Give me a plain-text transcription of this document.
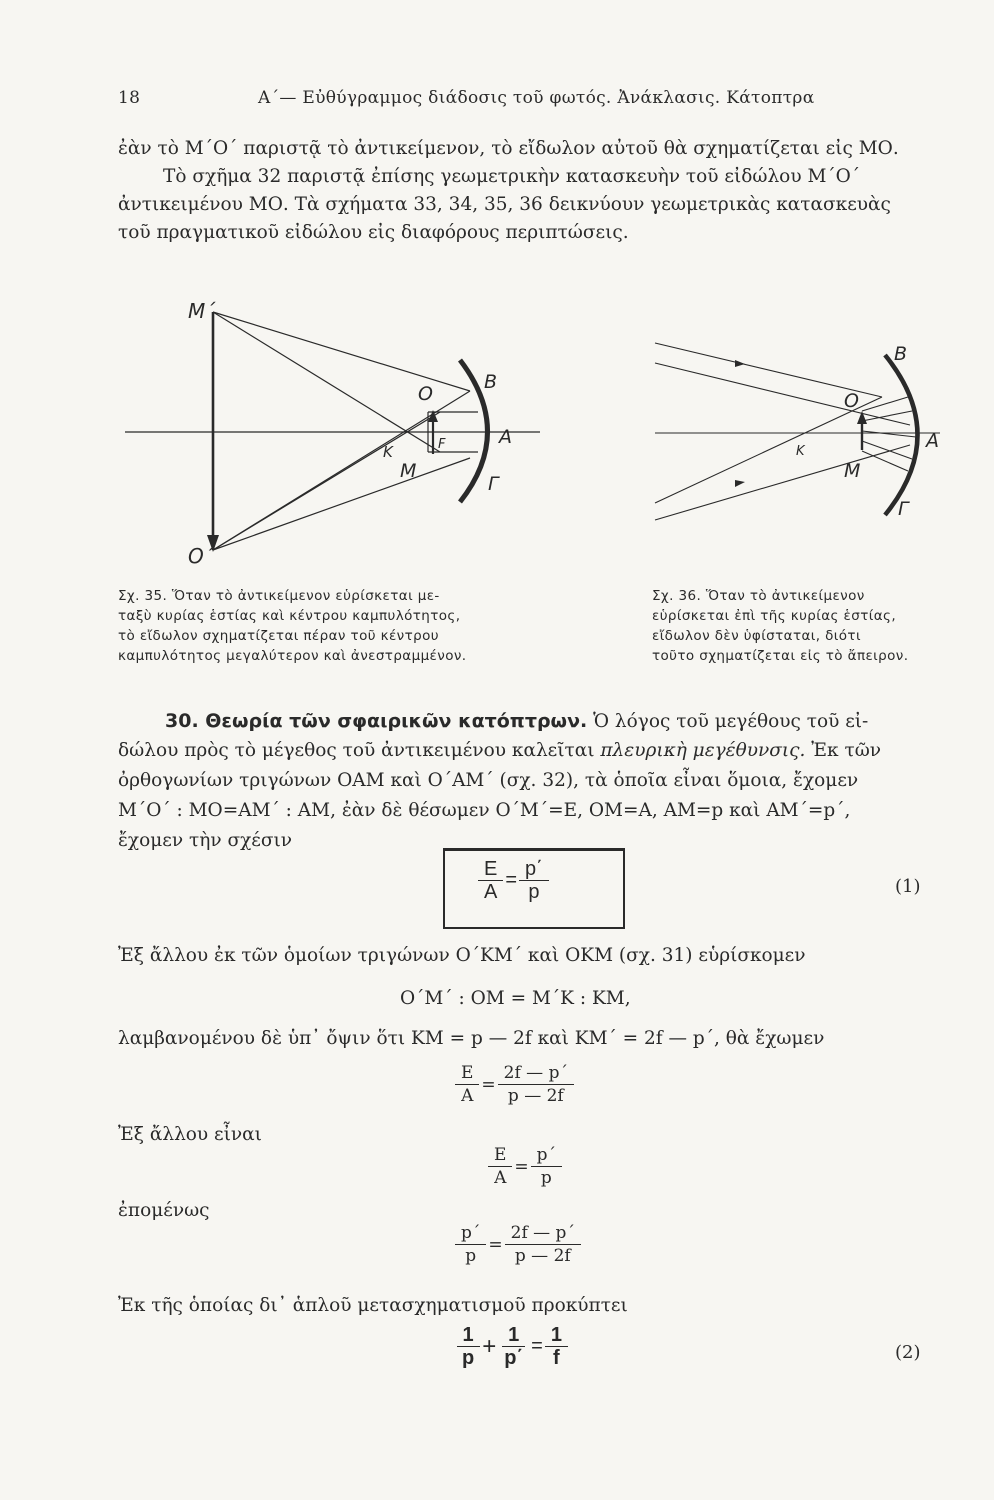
18	Α΄— Εὐθύγραμμος διάδοσις τοῦ φωτός. Ἀνάκλασις. Κάτοπτρα
ἐὰν τὸ Μ΄Ο΄ παριστᾷ τὸ ἀντικείμενον, τὸ εἴδωλον αὐτοῦ θὰ σχηματίζεται εἰς ΜΟ.
Τὸ σχῆμα 32 παριστᾷ ἐπίσης γεωμετρικὴν κατασκευὴν τοῦ εἰδώλου Μ΄Ο΄
ἀντικειμένου ΜΟ. Τὰ σχήματα 33, 34, 35, 36 δεικνύουν γεωμετρικὰς κατασκευὰς
τοῦ πραγματικοῦ εἰδώλου εἰς διαφόρους περιπτώσεις.
Μ΄
Ο΄
O
B
A
K	F
M
Γ
B
O
K	A
M
Γ
Σχ. 35. Ὅταν τὸ ἀντικείμενον εὑρίσκεται με-
ταξὺ κυρίας ἑστίας καὶ κέντρου καμπυλότητος,
τὸ εἴδωλον σχηματίζεται πέραν τοῦ κέντρου
καμπυλότητος μεγαλύτερον καὶ ἀνεστραμμένον.
Σχ. 36. Ὅταν τὸ ἀντικείμενον
εὑρίσκεται ἐπὶ τῆς κυρίας ἑστίας,
εἴδωλον δὲν ὑφίσταται, διότι
τοῦτο σχηματίζεται εἰς τὸ ἄπειρον.
30. Θεωρία τῶν σφαιρικῶν κατόπτρων. Ὁ λόγος τοῦ μεγέθους τοῦ εἰ-
δώλου πρὸς τὸ μέγεθος τοῦ ἀντικειμένου καλεῖται πλευρικὴ μεγέθυνσις. Ἐκ τῶν
ὀρθογωνίων τριγώνων ΟΑΜ καὶ Ο΄ΑΜ΄ (σχ. 32), τὰ ὁποῖα εἶναι ὅμοια, ἔχομεν
Μ΄Ο΄ : ΜΟ=ΑΜ΄ : ΑΜ, ἐὰν δὲ θέσωμεν Ο΄Μ΄=Ε, ΟΜ=Α, ΑΜ=p καὶ ΑΜ΄=p΄,
ἔχομεν τὴν σχέσιν
$\frac{E}{A} = \frac{p΄}{p}$	(1)
Ἐξ ἄλλου ἐκ τῶν ὁμοίων τριγώνων Ο΄ΚΜ΄ καὶ ΟΚΜ (σχ. 31) εὑρίσκομεν
Ο΄Μ΄ : ΟΜ = Μ΄Κ : ΚΜ,
λαμβανομένου δὲ ὑπ᾿ ὄψιν ὅτι ΚΜ = p — 2f καὶ ΚΜ΄ = 2f — p΄, θὰ ἔχωμεν
$\frac{E}{A} = \frac{2f — p΄}{p — 2f}$
Ἐξ ἄλλου εἶναι
$\frac{E}{A} = \frac{p΄}{p}$
ἐπομένως
$\frac{p΄}{p} = \frac{2f — p΄}{p — 2f}$
Ἐκ τῆς ὁποίας δι᾿ ἁπλοῦ μετασχηματισμοῦ προκύπτει
$\frac{1}{p} + \frac{1}{p΄} = \frac{1}{f}$	(2)
